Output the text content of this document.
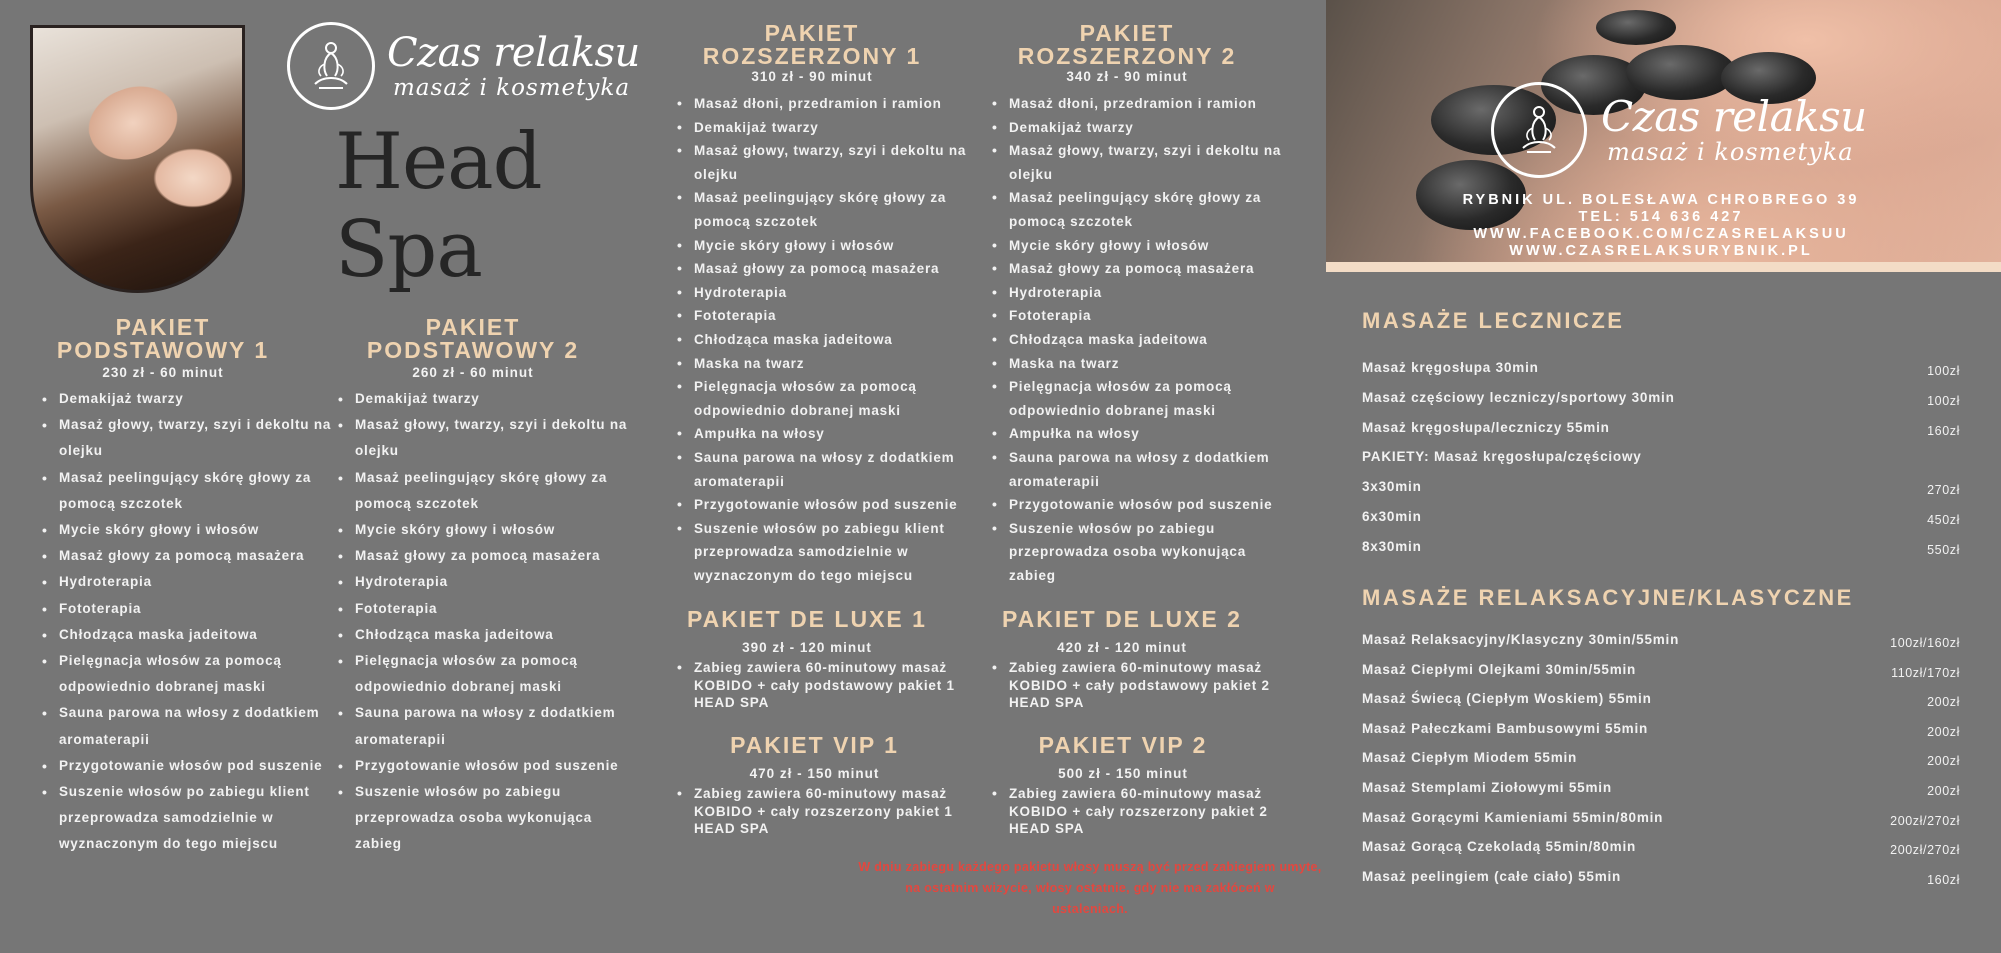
Czas relaksu
masaż i kosmetyka
Head
Spa
PAKIET
PODSTAWOWY 1
230 zł - 60 minut
• Demakijaż twarzy
• Masaż głowy, twarzy, szyi i dekoltu na olejku
• Masaż peelingujący skórę głowy za pomocą szczotek
• Mycie skóry głowy i włosów
• Masaż głowy za pomocą masażera
• Hydroterapia
• Fototerapia
• Chłodząca maska jadeitowa
• Pielęgnacja włosów za pomocą odpowiednio dobranej maski
• Sauna parowa na włosy z dodatkiem aromaterapii
• Przygotowanie włosów pod suszenie
• Suszenie włosów po zabiegu klient przeprowadza samodzielnie w wyznaczonym do tego miejscu
PAKIET
PODSTAWOWY 2
260 zł - 60 minut
• Demakijaż twarzy
• Masaż głowy, twarzy, szyi i dekoltu na olejku
• Masaż peelingujący skórę głowy za pomocą szczotek
• Mycie skóry głowy i włosów
• Masaż głowy za pomocą masażera
• Hydroterapia
• Fototerapia
• Chłodząca maska jadeitowa
• Pielęgnacja włosów za pomocą odpowiednio dobranej maski
• Sauna parowa na włosy z dodatkiem aromaterapii
• Przygotowanie włosów pod suszenie
• Suszenie włosów po zabiegu przeprowadza osoba wykonująca zabieg
PAKIET
ROZSZERZONY 1
310 zł - 90 minut
• Masaż dłoni, przedramion i ramion
• Demakijaż twarzy
• Masaż głowy, twarzy, szyi i dekoltu na olejku
• Masaż peelingujący skórę głowy za pomocą szczotek
• Mycie skóry głowy i włosów
• Masaż głowy za pomocą masażera
• Hydroterapia
• Fototerapia
• Chłodząca maska jadeitowa
• Maska na twarz
• Pielęgnacja włosów za pomocą odpowiednio dobranej maski
• Ampułka na włosy
• Sauna parowa na włosy z dodatkiem aromaterapii
• Przygotowanie włosów pod suszenie
• Suszenie włosów po zabiegu klient przeprowadza samodzielnie w wyznaczonym do tego miejscu
PAKIET
ROZSZERZONY 2
340 zł - 90 minut
• Masaż dłoni, przedramion i ramion
• Demakijaż twarzy
• Masaż głowy, twarzy, szyi i dekoltu na olejku
• Masaż peelingujący skórę głowy za pomocą szczotek
• Mycie skóry głowy i włosów
• Masaż głowy za pomocą masażera
• Hydroterapia
• Fototerapia
• Chłodząca maska jadeitowa
• Maska na twarz
• Pielęgnacja włosów za pomocą odpowiednio dobranej maski
• Ampułka na włosy
• Sauna parowa na włosy z dodatkiem aromaterapii
• Przygotowanie włosów pod suszenie
• Suszenie włosów po zabiegu przeprowadza osoba wykonująca zabieg
PAKIET DE LUXE 1
390 zł - 120 minut
• Zabieg zawiera 60-minutowy masaż KOBIDO + cały podstawowy pakiet 1 HEAD SPA
PAKIET DE LUXE 2
420 zł - 120 minut
• Zabieg zawiera 60-minutowy masaż KOBIDO + cały podstawowy pakiet 2 HEAD SPA
PAKIET VIP 1
470 zł - 150 minut
• Zabieg zawiera 60-minutowy masaż KOBIDO + cały rozszerzony pakiet 1 HEAD SPA
PAKIET VIP 2
500 zł - 150 minut
• Zabieg zawiera 60-minutowy masaż KOBIDO + cały rozszerzony pakiet 2 HEAD SPA
W dniu zabiegu każdego pakietu włosy muszą być przed zabiegiem umyte,
na ostatnim wizycie, włosy ostatnie, gdy nie ma zakłóceń w
ustaleniach.
Czas relaksu
masaż i kosmetyka
RYBNIK UL. BOLESŁAWA CHROBREGO 39
TEL: 514 636 427
WWW.FACEBOOK.COM/CZASRELAKSUU
WWW.CZASRELAKSURYBNIK.PL
MASAŻE LECZNICZE
Masaż kręgosłupa 30min	100zł
Masaż częściowy leczniczy/sportowy 30min	100zł
Masaż kręgosłupa/leczniczy 55min	160zł
PAKIETY: Masaż kręgosłupa/częściowy
3x30min	270zł
6x30min	450zł
8x30min	550zł
MASAŻE RELAKSACYJNE/KLASYCZNE
Masaż Relaksacyjny/Klasyczny 30min/55min	100zł/160zł
Masaż Ciepłymi Olejkami 30min/55min	110zł/170zł
Masaż Świecą (Ciepłym Woskiem) 55min	200zł
Masaż Pałeczkami Bambusowymi 55min	200zł
Masaż Ciepłym Miodem 55min	200zł
Masaż Stemplami Ziołowymi 55min	200zł
Masaż Gorącymi Kamieniami 55min/80min	200zł/270zł
Masaż Gorącą Czekoladą 55min/80min	200zł/270zł
Masaż peelingiem (całe ciało) 55min	160zł
